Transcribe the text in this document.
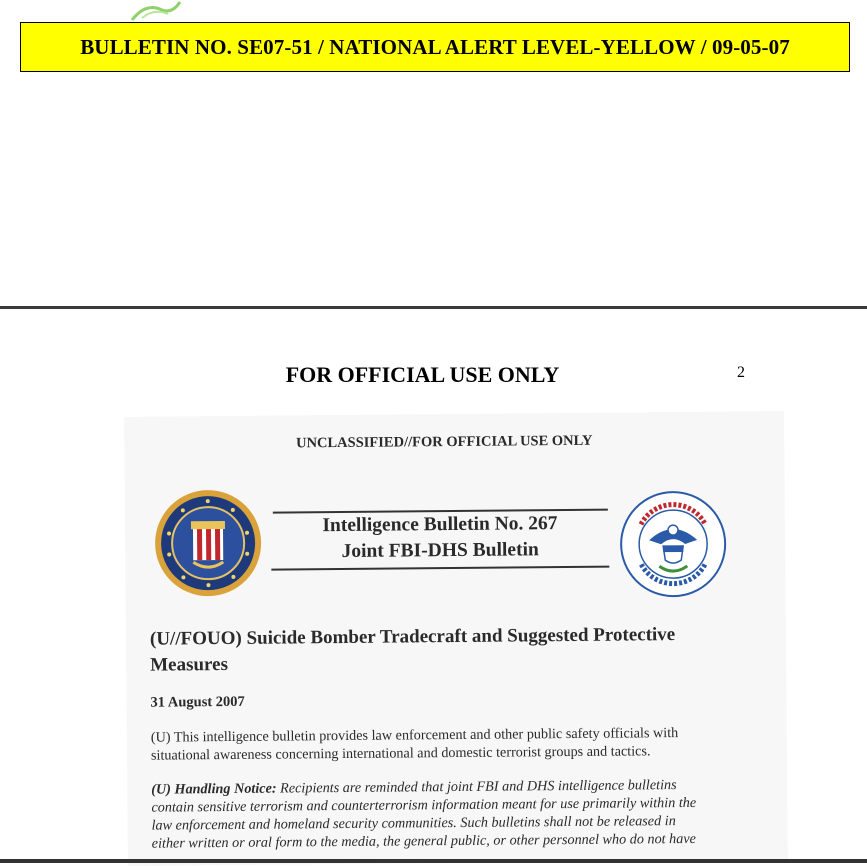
BULLETIN NO. SE07-51 / NATIONAL ALERT LEVEL-YELLOW / 09-05-07
FOR OFFICIAL USE ONLY	2
UNCLASSIFIED//FOR OFFICIAL USE ONLY
Intelligence Bulletin No. 267
Joint FBI-DHS Bulletin
(U//FOUO) Suicide Bomber Tradecraft and Suggested Protective
Measures
31 August 2007
(U) This intelligence bulletin provides law enforcement and other public safety officials with
situational awareness concerning international and domestic terrorist groups and tactics.
(U) Handling Notice: Recipients are reminded that joint FBI and DHS intelligence bulletins
contain sensitive terrorism and counterterrorism information meant for use primarily within the
law enforcement and homeland security communities. Such bulletins shall not be released in
either written or oral form to the media, the general public, or other personnel who do not have
